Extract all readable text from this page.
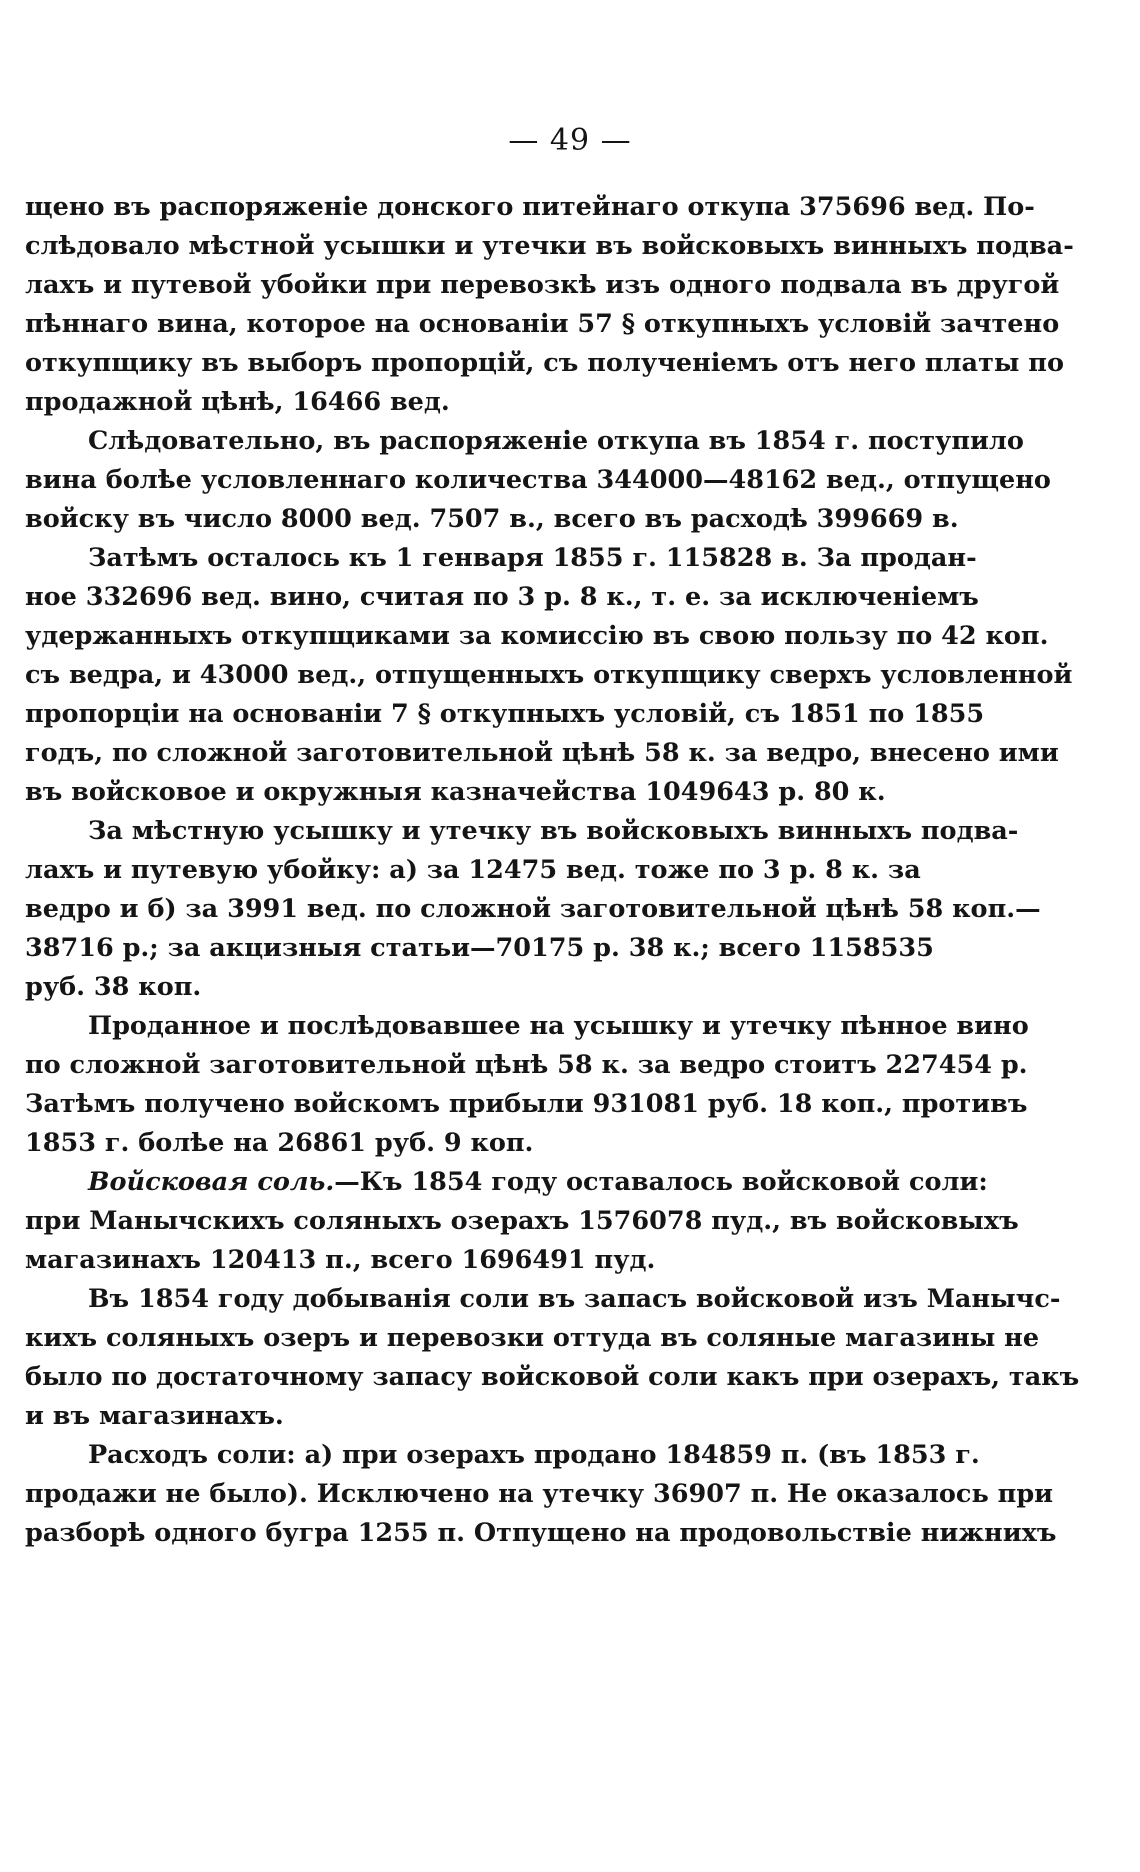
— 49 —
щено въ распоряженіе донского питейнаго откупа 375696 вед. По-
слѣдовало мѣстной усышки и утечки въ войсковыхъ винныхъ подва-
лахъ и путевой убойки при перевозкѣ изъ одного подвала въ другой
пѣннаго вина, которое на основаніи 57 § откупныхъ условій зачтено
откупщику въ выборъ пропорцій, съ полученіемъ отъ него платы по
продажной цѣнѣ, 16466 вед.
Слѣдовательно, въ распоряженіе откупа въ 1854 г. поступило
вина болѣе условленнаго количества 344000—48162 вед., отпущено
войску въ число 8000 вед. 7507 в., всего въ расходѣ 399669 в.
Затѣмъ осталось къ 1 генваря 1855 г. 115828 в. За продан-
ное 332696 вед. вино, считая по 3 р. 8 к., т. е. за исключеніемъ
удержанныхъ откупщиками за комиссію въ свою пользу по 42 коп.
съ ведра, и 43000 вед., отпущенныхъ откупщику сверхъ условленной
пропорціи на основаніи 7 § откупныхъ условій, съ 1851 по 1855
годъ, по сложной заготовительной цѣнѣ 58 к. за ведро, внесено ими
въ войсковое и окружныя казначейства 1049643 р. 80 к.
За мѣстную усышку и утечку въ войсковыхъ винныхъ подва-
лахъ и путевую убойку: а) за 12475 вед. тоже по 3 р. 8 к. за
ведро и б) за 3991 вед. по сложной заготовительной цѣнѣ 58 коп.—
38716 р.; за акцизныя статьи—70175 р. 38 к.; всего 1158535
руб. 38 коп.
Проданное и послѣдовавшее на усышку и утечку пѣнное вино
по сложной заготовительной цѣнѣ 58 к. за ведро стоитъ 227454 р.
Затѣмъ получено войскомъ прибыли 931081 руб. 18 коп., противъ
1853 г. болѣе на 26861 руб. 9 коп.
Войсковая соль.—Къ 1854 году оставалось войсковой соли:
при Манычскихъ соляныхъ озерахъ 1576078 пуд., въ войсковыхъ
магазинахъ 120413 п., всего 1696491 пуд.
Въ 1854 году добыванія соли въ запасъ войсковой изъ Манычс-
кихъ соляныхъ озеръ и перевозки оттуда въ соляные магазины не
было по достаточному запасу войсковой соли какъ при озерахъ, такъ
и въ магазинахъ.
Расходъ соли: а) при озерахъ продано 184859 п. (въ 1853 г.
продажи не было). Исключено на утечку 36907 п. Не оказалось при
разборѣ одного бугра 1255 п. Отпущено на продовольствіе нижнихъ
